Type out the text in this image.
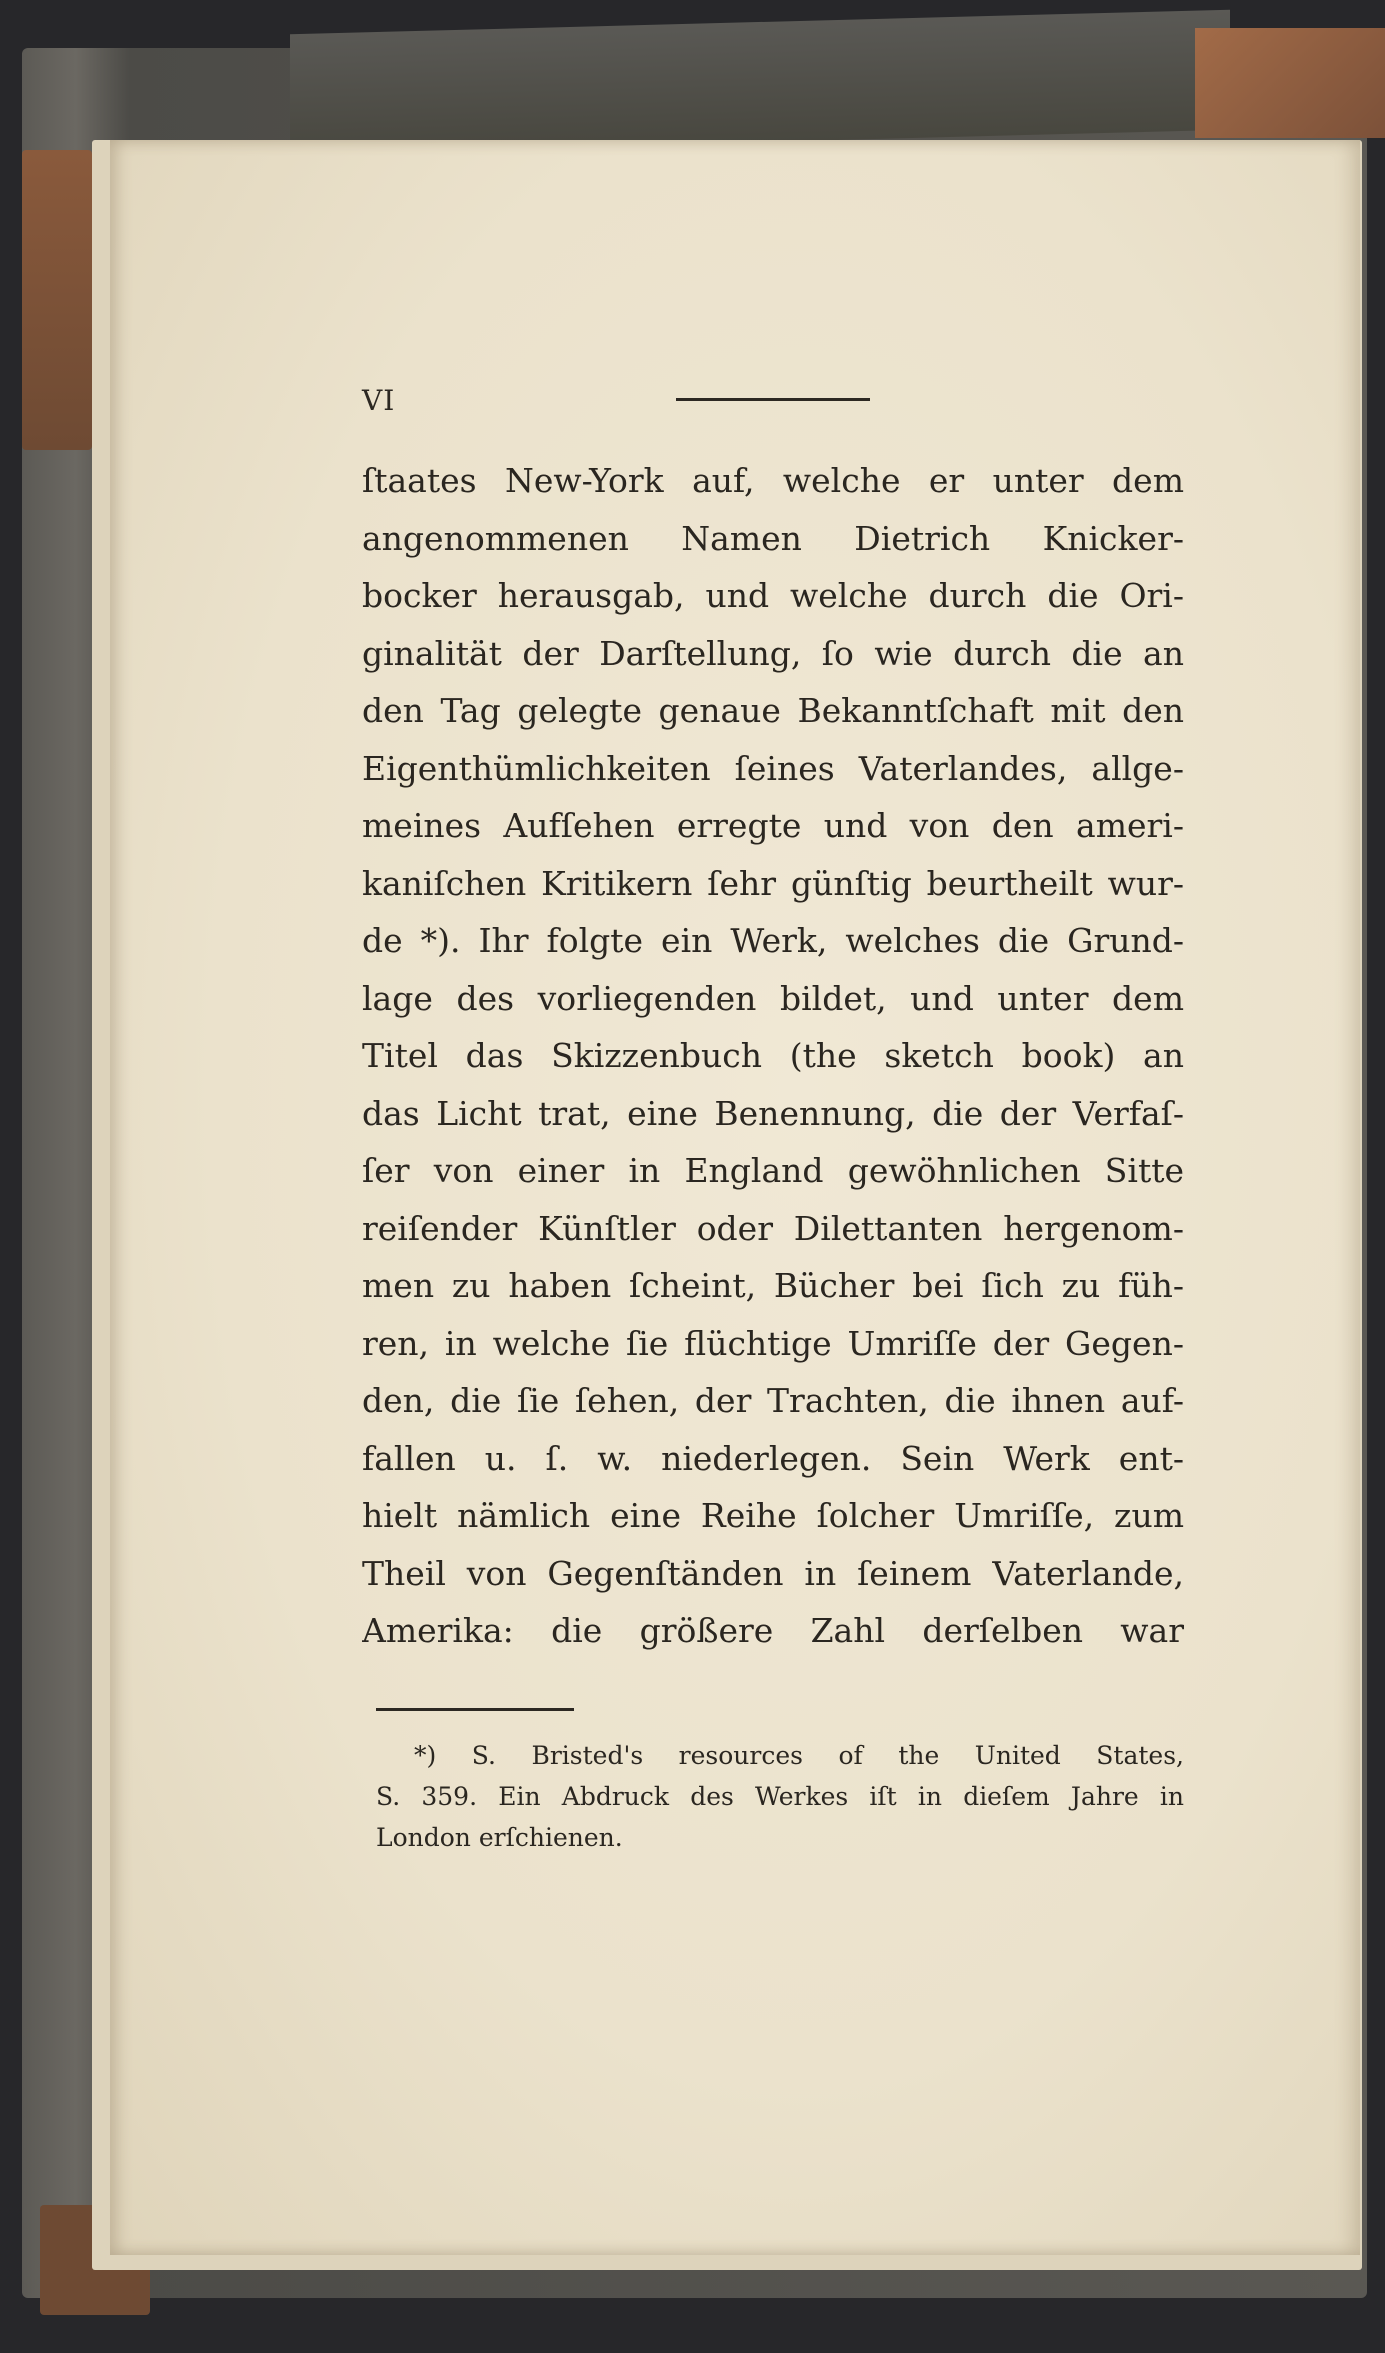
VI
ſtaates New-York auf, welche er unter dem
angenommenen Namen Dietrich Knicker-
bocker herausgab, und welche durch die Ori-
ginalität der Darſtellung, ſo wie durch die an
den Tag gelegte genaue Bekanntſchaft mit den
Eigenthümlichkeiten ſeines Vaterlandes, allge-
meines Aufſehen erregte und von den ameri-
kaniſchen Kritikern ſehr günſtig beurtheilt wur-
de *). Ihr folgte ein Werk, welches die Grund-
lage des vorliegenden bildet, und unter dem
Titel das Skizzenbuch (the sketch book) an
das Licht trat, eine Benennung, die der Verfaſ-
ſer von einer in England gewöhnlichen Sitte
reiſender Künſtler oder Dilettanten hergenom-
men zu haben ſcheint, Bücher bei ſich zu füh-
ren, in welche ſie flüchtige Umriſſe der Gegen-
den, die ſie ſehen, der Trachten, die ihnen auf-
fallen u. ſ. w. niederlegen. Sein Werk ent-
hielt nämlich eine Reihe ſolcher Umriſſe, zum
Theil von Gegenſtänden in ſeinem Vaterlande,
Amerika: die größere Zahl derſelben war
*) S. Bristed's resources of the United States,
S. 359. Ein Abdruck des Werkes iſt in dieſem Jahre in
London erſchienen.
